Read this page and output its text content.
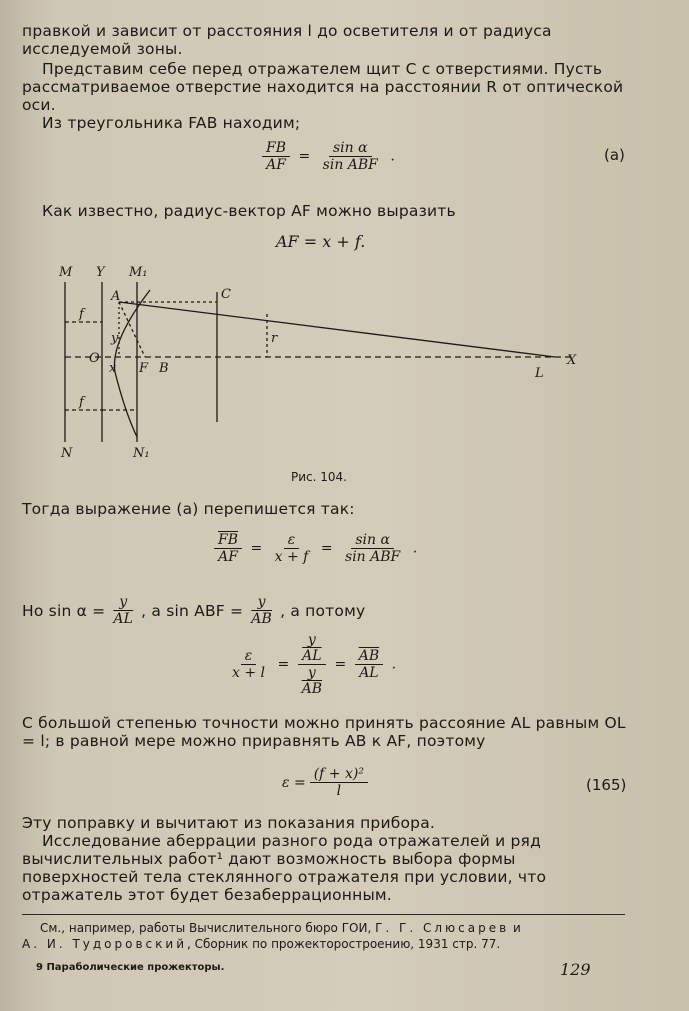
правкой и зависит от расстояния l до осветителя и от радиуса исследуемой зоны.

Представим себе перед отражателем щит C с отверстиями. Пусть рассматриваемое отверстие находится на расстоянии R от оптической оси.

Из треугольника FAB находим;

$\frac{FB}{AF} = \frac{\text{sin α}}{\text{sin ABF}}$ .	(a)

Как известно, радиус-вектор AF можно выразить

AF = x + f.
M Y M₁
C
N	N₁
L
X
O
A
F B
x
y
f
f
r
Рис. 104.

Тогда выражение (a) перепишется так:

$\frac{\overline{FB}}{AF} = \frac{\varepsilon}{x + f} = \frac{\text{sin α}}{\text{sin ABF}}$ .
Но $\sin \alpha = \frac{y}{AL}$ , а sin ABF = $\frac{y}{AB}$ , а потому
$\frac{\varepsilon}{x + l} = y$
$\overline{AL}$
y
$\overline{AB} = \frac{\overline{AB}}{AL}$ .

С большой степенью точности можно принять рассояние AL равным OL = l; в равной мере можно приравнять AB к AF, поэтому

$\varepsilon = \frac{\text{(f + x)²}}{l}$	(165)

Эту поправку и вычитают из показания прибора.

Исследование аберрации разного рода отражателей и ряд вычислительных работ¹ дают возможность выбора формы поверхностей тела стеклянного отражателя при условии, что отражатель этот будет безаберрационным.

См., например, работы Вычислительного бюро ГОИ, Г. Г. Слюсарев и
А. И. Тудоровский, Сборник по прожекторостроению, 1931 стр. 77.
9 Параболические прожекторы.	129
